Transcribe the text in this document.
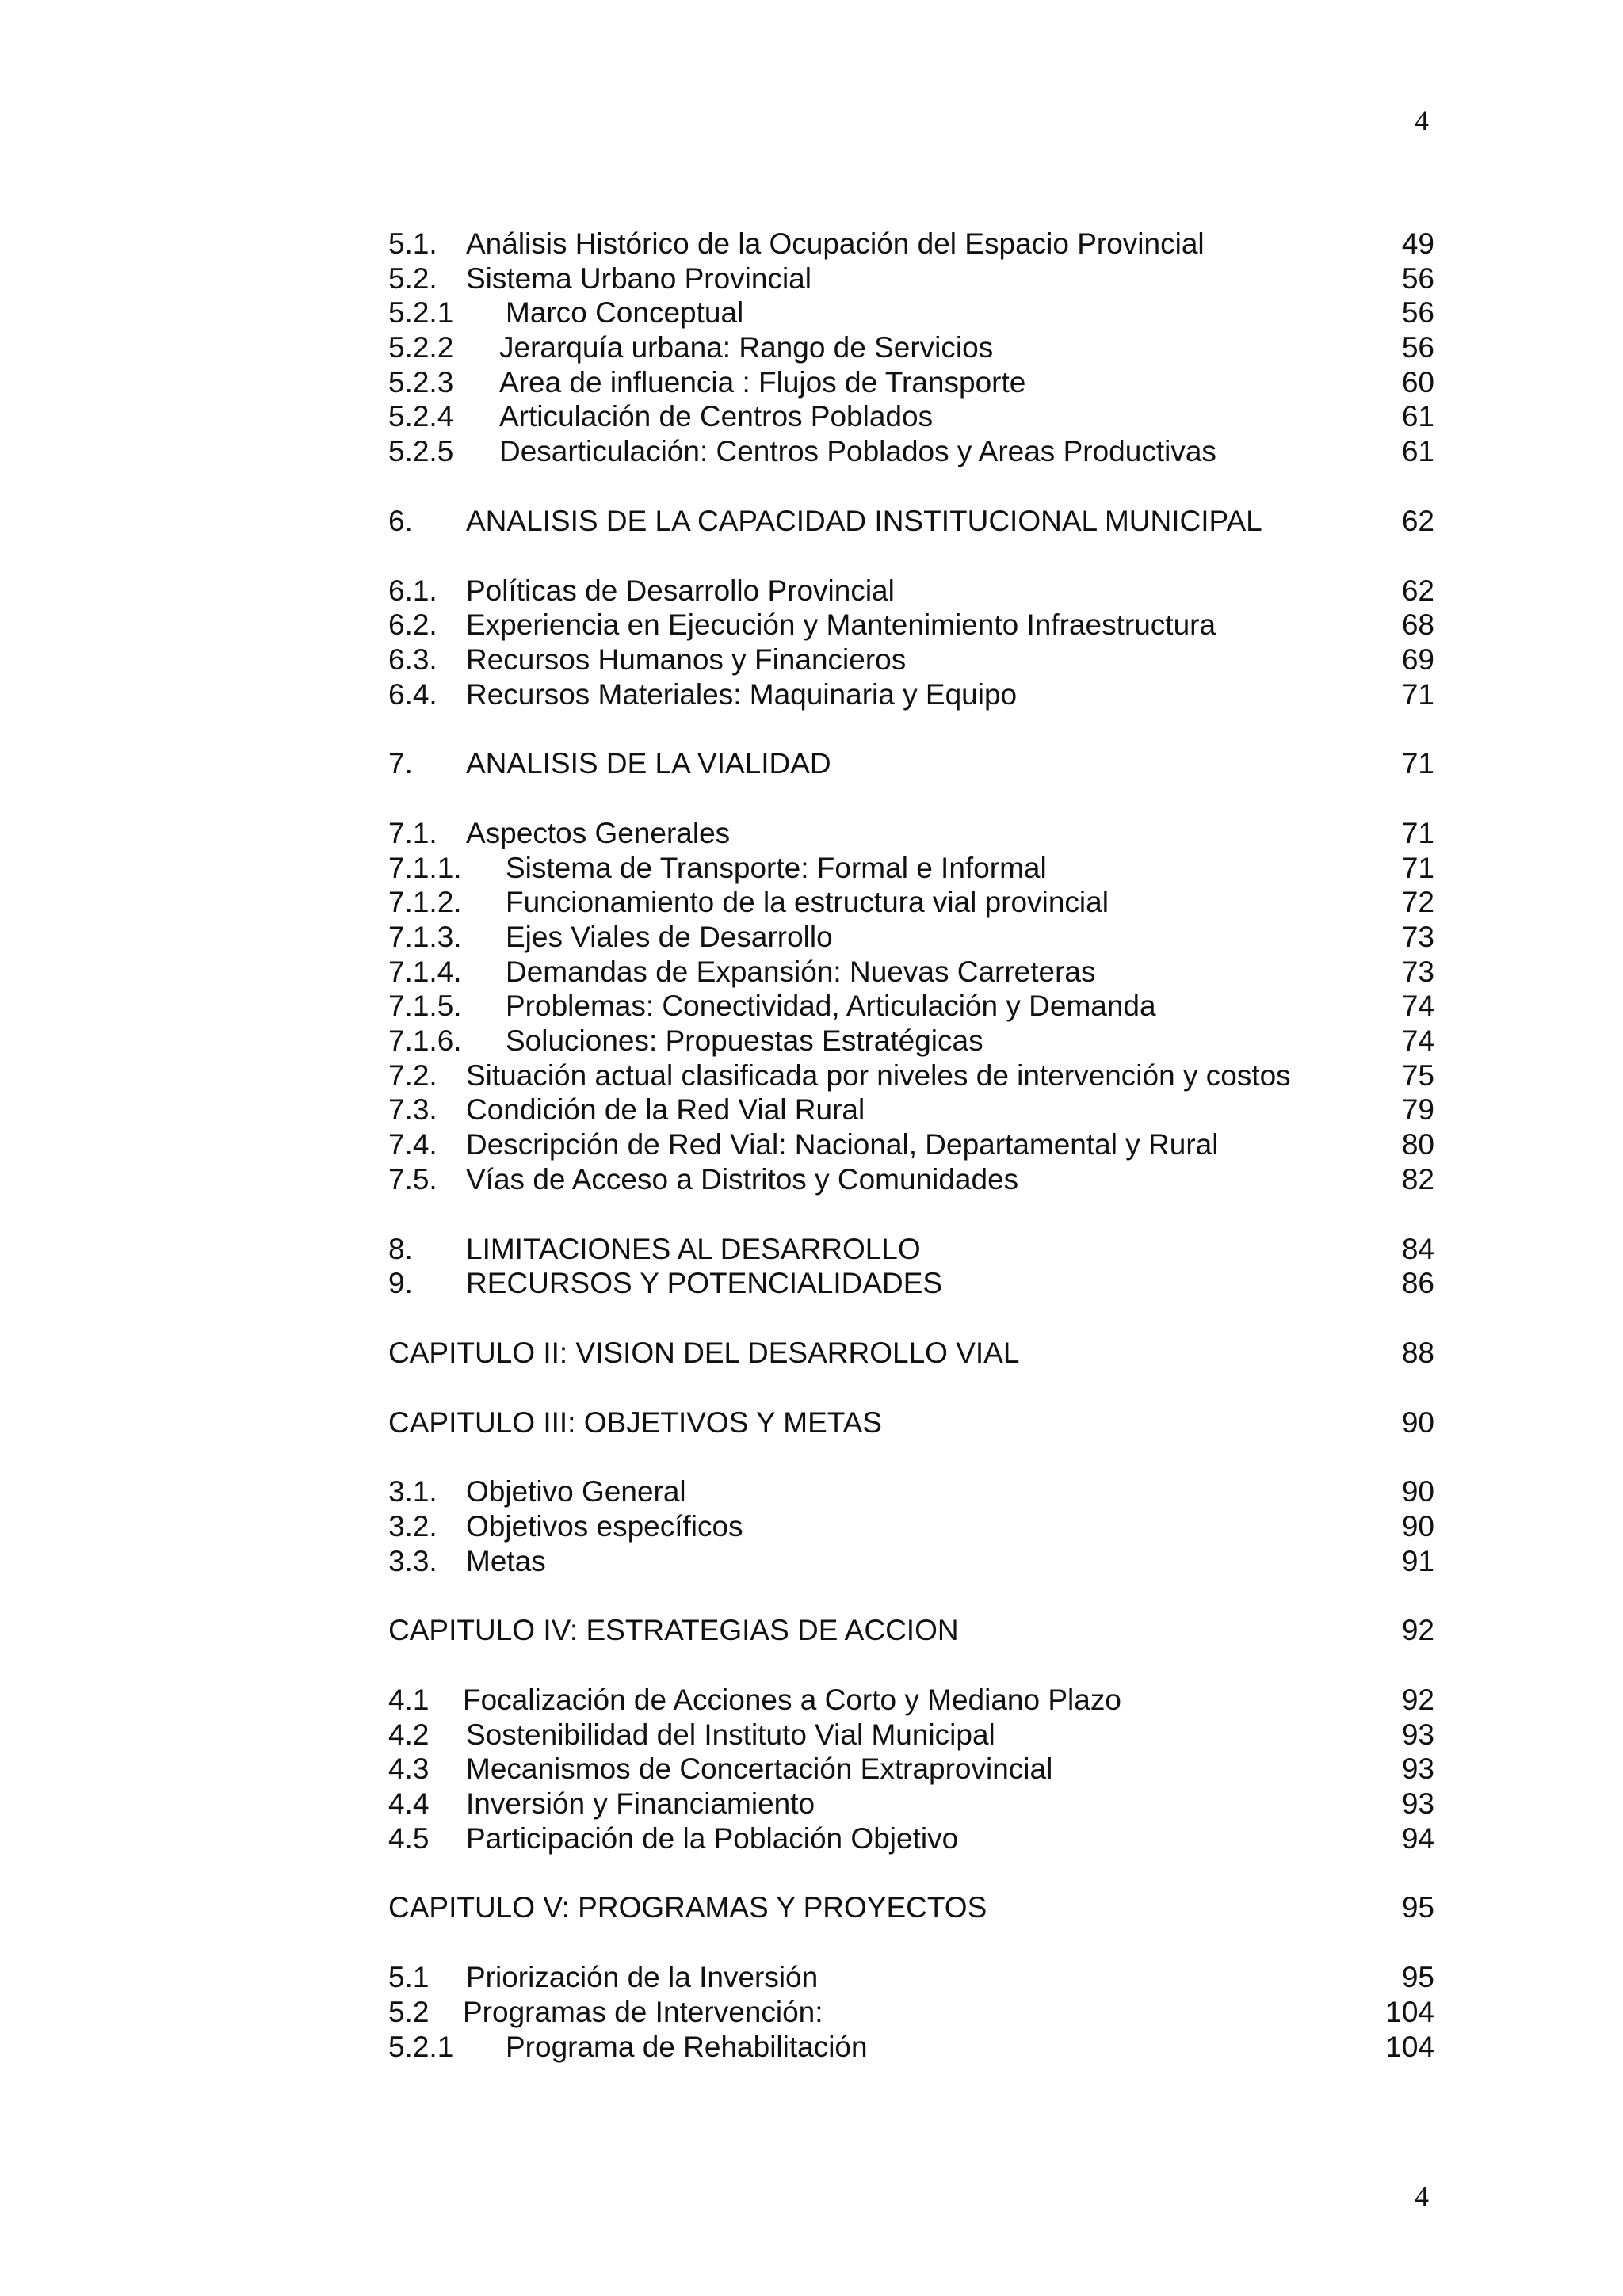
4
5.1. Análisis Histórico de la Ocupación del Espacio Provincial	49
5.2. Sistema Urbano Provincial	56
5.2.1 Marco Conceptual	56
5.2.2 Jerarquía urbana: Rango de Servicios	56
5.2.3 Area de influencia : Flujos de Transporte	60
5.2.4 Articulación de Centros Poblados	61
5.2.5 Desarticulación: Centros Poblados y Areas Productivas	61
6. ANALISIS DE LA CAPACIDAD INSTITUCIONAL MUNICIPAL	62
6.1. Políticas de Desarrollo Provincial	62
6.2. Experiencia en Ejecución y Mantenimiento Infraestructura	68
6.3. Recursos Humanos y Financieros	69
6.4. Recursos Materiales: Maquinaria y Equipo	71
7. ANALISIS DE LA VIALIDAD	71
7.1. Aspectos Generales	71
7.1.1. Sistema de Transporte: Formal e Informal	71
7.1.2. Funcionamiento de la estructura vial provincial	72
7.1.3. Ejes Viales de Desarrollo	73
7.1.4. Demandas de Expansión: Nuevas Carreteras	73
7.1.5. Problemas: Conectividad, Articulación y Demanda	74
7.1.6. Soluciones: Propuestas Estratégicas	74
7.2. Situación actual clasificada por niveles de intervención y costos	75
7.3. Condición de la Red Vial Rural	79
7.4. Descripción de Red Vial: Nacional, Departamental y Rural	80
7.5. Vías de Acceso a Distritos y Comunidades	82
8. LIMITACIONES AL DESARROLLO	84
9. RECURSOS Y POTENCIALIDADES	86
CAPITULO II: VISION DEL DESARROLLO VIAL	88
CAPITULO III: OBJETIVOS Y METAS	90
3.1. Objetivo General	90
3.2. Objetivos específicos	90
3.3. Metas	91
CAPITULO IV: ESTRATEGIAS DE ACCION	92
4.1 Focalización de Acciones a Corto y Mediano Plazo	92
4.2 Sostenibilidad del Instituto Vial Municipal	93
4.3 Mecanismos de Concertación Extraprovincial	93
4.4 Inversión y Financiamiento	93
4.5 Participación de la Población Objetivo	94
CAPITULO V: PROGRAMAS Y PROYECTOS	95
5.1 Priorización de la Inversión	95
5.2 Programas de Intervención:	104
5.2.1 Programa de Rehabilitación	104
4
